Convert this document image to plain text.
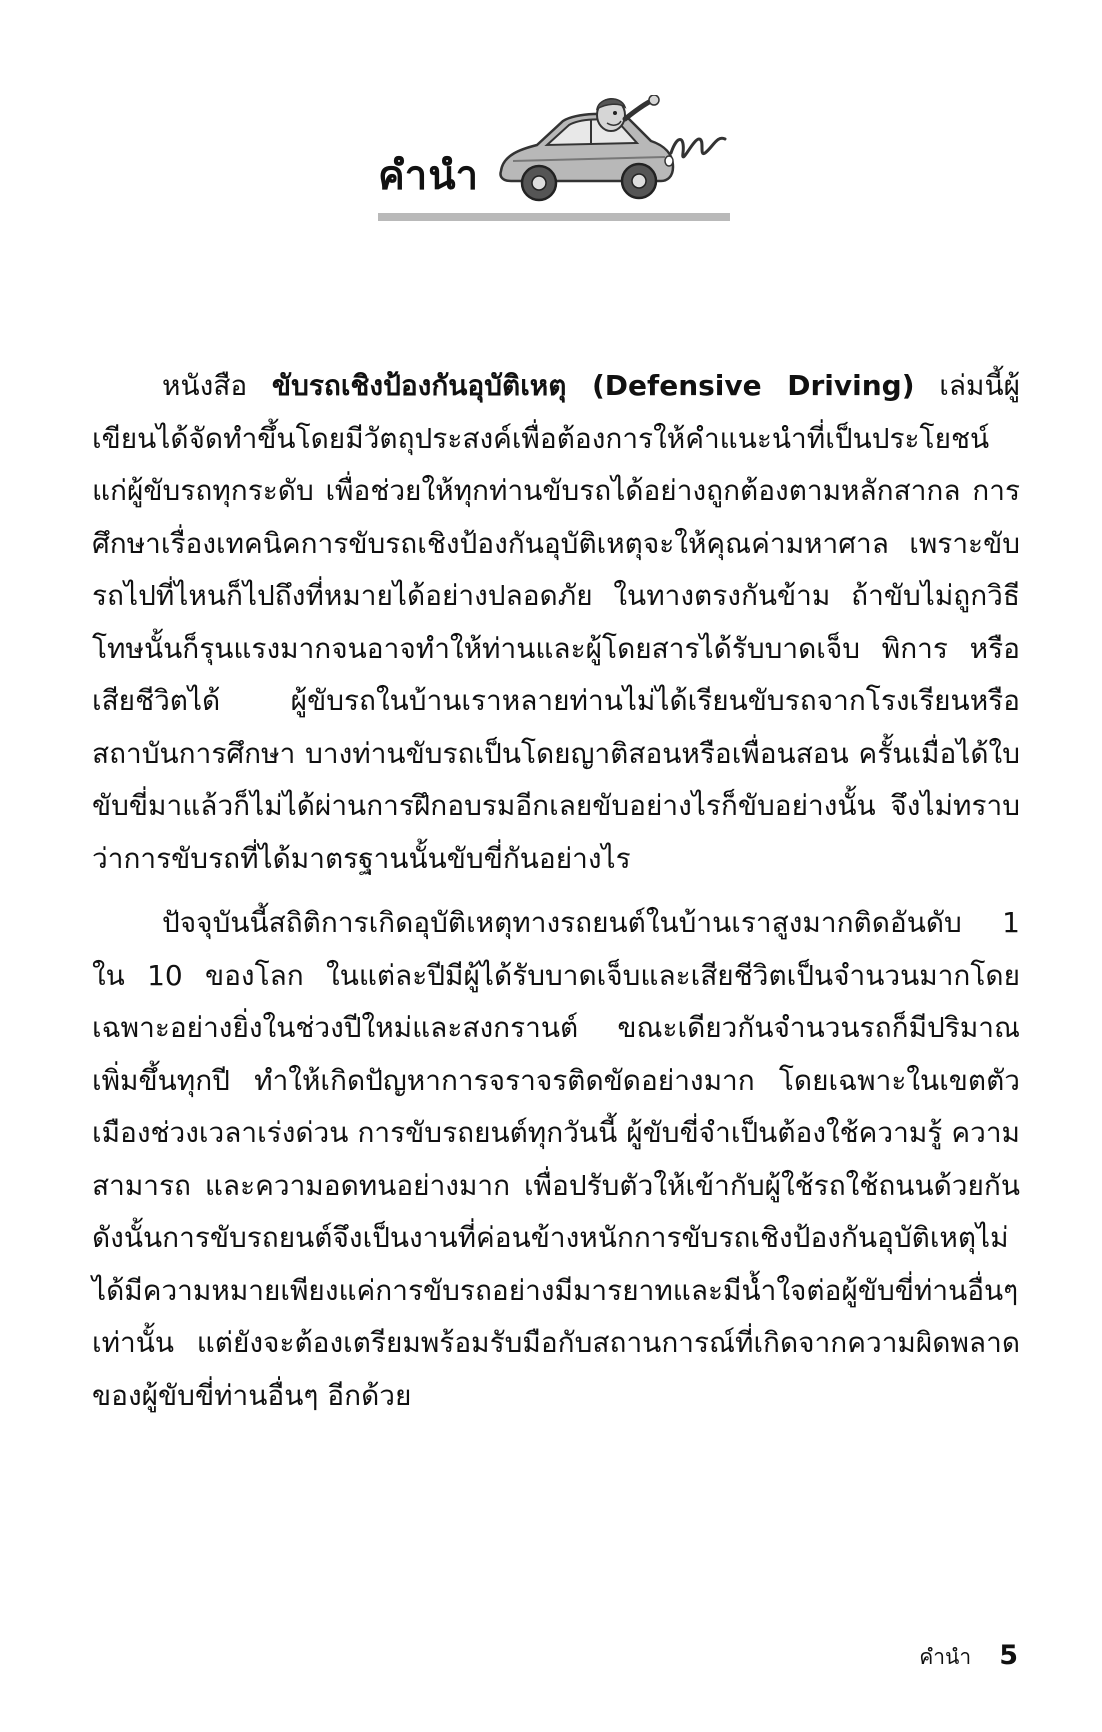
คำนำ

หนังสือ ขับรถเชิงป้องกันอุบัติเหตุ (Defensive Driving) เล่มนี้ผู้เขียนได้จัดทำขึ้นโดยมีวัตถุประสงค์เพื่อต้องการให้คำแนะนำที่เป็นประโยชน์แก่ผู้ขับรถทุกระดับ เพื่อช่วยให้ทุกท่านขับรถได้อย่างถูกต้องตามหลักสากล การศึกษาเรื่องเทคนิคการขับรถเชิงป้องกันอุบัติเหตุจะให้คุณค่ามหาศาล เพราะขับรถไปที่ไหนก็ไปถึงที่หมายได้อย่างปลอดภัย ในทางตรงกันข้าม ถ้าขับไม่ถูกวิธี โทษนั้นก็รุนแรงมากจนอาจทำให้ท่านและผู้โดยสารได้รับบาดเจ็บ พิการ หรือเสียชีวิตได้ ผู้ขับรถในบ้านเราหลายท่านไม่ได้เรียนขับรถจากโรงเรียนหรือสถาบันการศึกษา บางท่านขับรถเป็นโดยญาติสอนหรือเพื่อนสอน ครั้นเมื่อได้ใบขับขี่มาแล้วก็ไม่ได้ผ่านการฝึกอบรมอีกเลยขับอย่างไรก็ขับอย่างนั้น จึงไม่ทราบว่าการขับรถที่ได้มาตรฐานนั้นขับขี่กันอย่างไร

ปัจจุบันนี้สถิติการเกิดอุบัติเหตุทางรถยนต์ในบ้านเราสูงมากติดอันดับ 1 ใน 10 ของโลก ในแต่ละปีมีผู้ได้รับบาดเจ็บและเสียชีวิตเป็นจำนวนมากโดยเฉพาะอย่างยิ่งในช่วงปีใหม่และสงกรานต์ ขณะเดียวกันจำนวนรถก็มีปริมาณเพิ่มขึ้นทุกปี ทำให้เกิดปัญหาการจราจรติดขัดอย่างมาก โดยเฉพาะในเขตตัวเมืองช่วงเวลาเร่งด่วน การขับรถยนต์ทุกวันนี้ ผู้ขับขี่จำเป็นต้องใช้ความรู้ ความสามารถ และความอดทนอย่างมาก เพื่อปรับตัวให้เข้ากับผู้ใช้รถใช้ถนนด้วยกัน ดังนั้นการขับรถยนต์จึงเป็นงานที่ค่อนข้างหนักการขับรถเชิงป้องกันอุบัติเหตุไม่ได้มีความหมายเพียงแค่การขับรถอย่างมีมารยาทและมีน้ำใจต่อผู้ขับขี่ท่านอื่นๆ เท่านั้น แต่ยังจะต้องเตรียมพร้อมรับมือกับสถานการณ์ที่เกิดจากความผิดพลาดของผู้ขับขี่ท่านอื่นๆ อีกด้วย

คำนำ 5
